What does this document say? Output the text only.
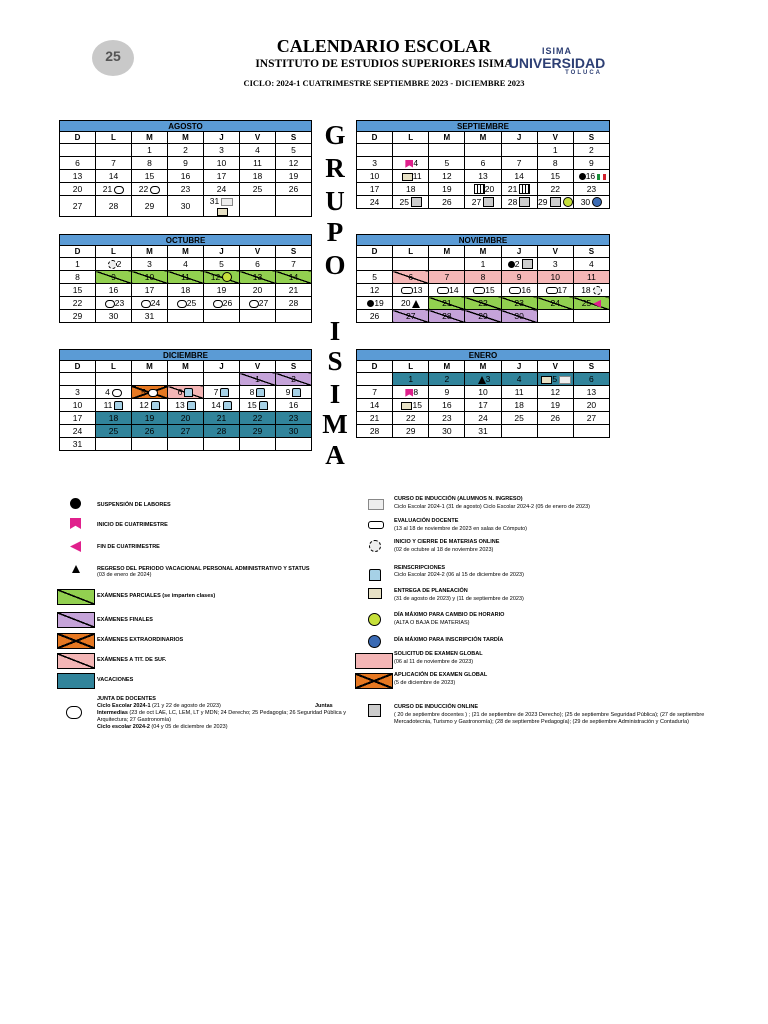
25	CALENDARIO ESCOLAR
INSTITUTO DE ESTUDIOS SUPERIORES ISIMA
CICLO: 2024-1 CUATRIMESTRE SEPTIEMBRE 2023 - DICIEMBRE 2023
ISIMA
UNIVERSIDAD
TOLUCA
AGOSTO						
D	L	M	M	J	V	S
		1	2	3	4	5
6	7	8	9	10	11	12
13	14	15	16	17	18	19
20	21	22	23	24	25	26
27	28	29	30	31		
SEPTIEMBRE						
D	L	M	M	J	V	S
					1	2
3	4	5	6	7	8	9
10	11	12	13	14	15	16
17	18	19	20	21	22	23
24	25	26	27	28	29	30
OCTUBRE						
D	L	M	M	J	V	S
1	2	3	4	5	6	7
8	9	10	11	12	13	14
15	16	17	18	19	20	21
22	23	24	25	26	27	28
29	30	31				
NOVIEMBRE						
D	L	M	M	J	V	S
			1	2	3	4
5	6	7	8	9	10	11
12	13	14	15	16	17	18
19	20	21	22	23	24	25
26	27	28	29	30		
DICIEMBRE						
D	L	M	M	J	V	S
					1	2
3	4	5	6	7	8	9
10	11	12	13	14	15	16
17	18	19	20	21	22	23
24	25	26	27	28	29	30
31						
ENERO						
D	L	M	M	J	V	S
	1	2	3	4	5	6
7	8	9	10	11	12	13
14	15	16	17	18	19	20
21	22	23	24	25	26	27
28	29	30	31			
G
R
U
P
O
I
S
I
M
A
SUSPENSIÓN DE LABORES
INICIO DE CUATRIMESTRE
FIN DE CUATRIMESTRE
REGRESO DEL PERIODO VACACIONAL PERSONAL ADMINISTRATIVO Y STATUS
(03 de enero de 2024)
EXÁMENES PARCIALES (se imparten clases)
EXÁMENES FINALES
EXÁMENES EXTRAORDINARIOS
EXÁMENES A TIT. DE SUF.
VACACIONES
JUNTA DE DOCENTES
Ciclo Escolar 2024-1 (21 y 22 de agosto de 2023)	Juntas
Intermedias (23 de oct LAE, LC, LEM, LT y MDN; 24 Derecho; 25 Pedagogía; 26 Seguridad Pública y Arquitectura; 27 Gastronomía)
Ciclo escolar 2024-2 (04 y 05 de diciembre de 2023)
CURSO DE INDUCCIÓN (ALUMNOS N. INGRESO)
Ciclo Escolar 2024-1 (31 de agosto) Ciclo Escolar 2024-2 (05 de enero de 2023)
EVALUACIÓN DOCENTE
(13 al 18 de noviembre de 2023 en salas de Cómputo)
INICIO Y CIERRE DE MATERIAS ONLINE
(02 de octubre al 18 de noviembre 2023)
REINSCRIPCIONES
Ciclo Escolar 2024-2 (06 al 15 de diciembre de 2023)
ENTREGA DE PLANEACIÓN
(31 de agosto de 2023) y (11 de septiembre de 2023)
DÍA MÁXIMO PARA CAMBIO DE HORARIO
(ALTA O BAJA DE MATERIAS)
DÍA MÁXIMO PARA INSCRIPCIÓN TARDÍA
SOLICITUD DE EXAMEN GLOBAL
(06 al 11 de noviembre de 2023)
APLICACIÓN DE EXAMEN GLOBAL
(5 de diciembre de 2023)
CURSO DE INDUCCIÓN ONLINE
( 20 de septiembre docentes ) ; (21 de septiembre de 2023 Derecho); (25 de septiembre Seguridad Pública); (27 de septiembre Mercadotecnia, Turismo y Gastronomía); (28 de septiembre Pedagogía); (29 de septiembre Administración y Contaduría)
